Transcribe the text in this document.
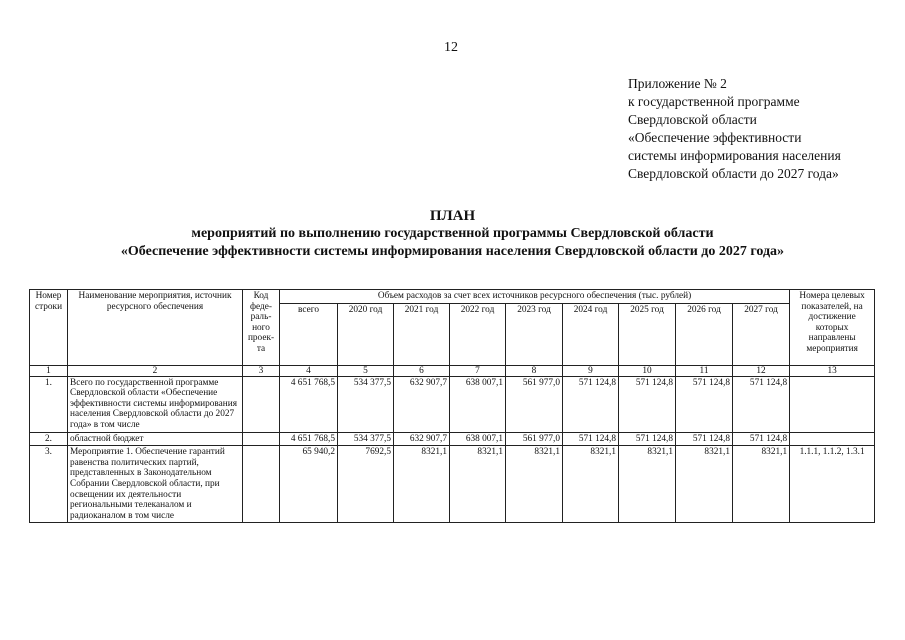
12
Приложение № 2
к государственной программе
Свердловской области
«Обеспечение эффективности
системы информирования населения
Свердловской области до 2027 года»
ПЛАН
мероприятий по выполнению государственной программы Свердловской области
«Обеспечение эффективности системы информирования населения Свердловской области до 2027 года»
Номер строки	Наименование мероприятия, источник ресурсного обеспечения	Код феде-раль-ного проек-та	Объем расходов за счет всех источников ресурсного обеспечения (тыс. рублей)									Номера целевых показателей, на достижение которых направлены мероприятия
			всего	2020 год	2021 год	2022 год	2023 год	2024 год	2025 год	2026 год	2027 год	
1	2	3	4	5	6	7	8	9	10	11	12	13
1.	Всего по государственной программе Свердловской области «Обеспечение эффективности системы информирования населения Свердловской области до 2027 года» в том числе		4 651 768,5	534 377,5	632 907,7	638 007,1	561 977,0	571 124,8	571 124,8	571 124,8	571 124,8	
2.	областной бюджет		4 651 768,5	534 377,5	632 907,7	638 007,1	561 977,0	571 124,8	571 124,8	571 124,8	571 124,8	
3.	Мероприятие 1. Обеспечение гарантий равенства политических партий, представленных в Законодательном Собрании Свердловской области, при освещении их деятельности региональными телеканалом и радиоканалом в том числе		65 940,2	7692,5	8321,1	8321,1	8321,1	8321,1	8321,1	8321,1	8321,1	1.1.1, 1.1.2, 1.3.1
